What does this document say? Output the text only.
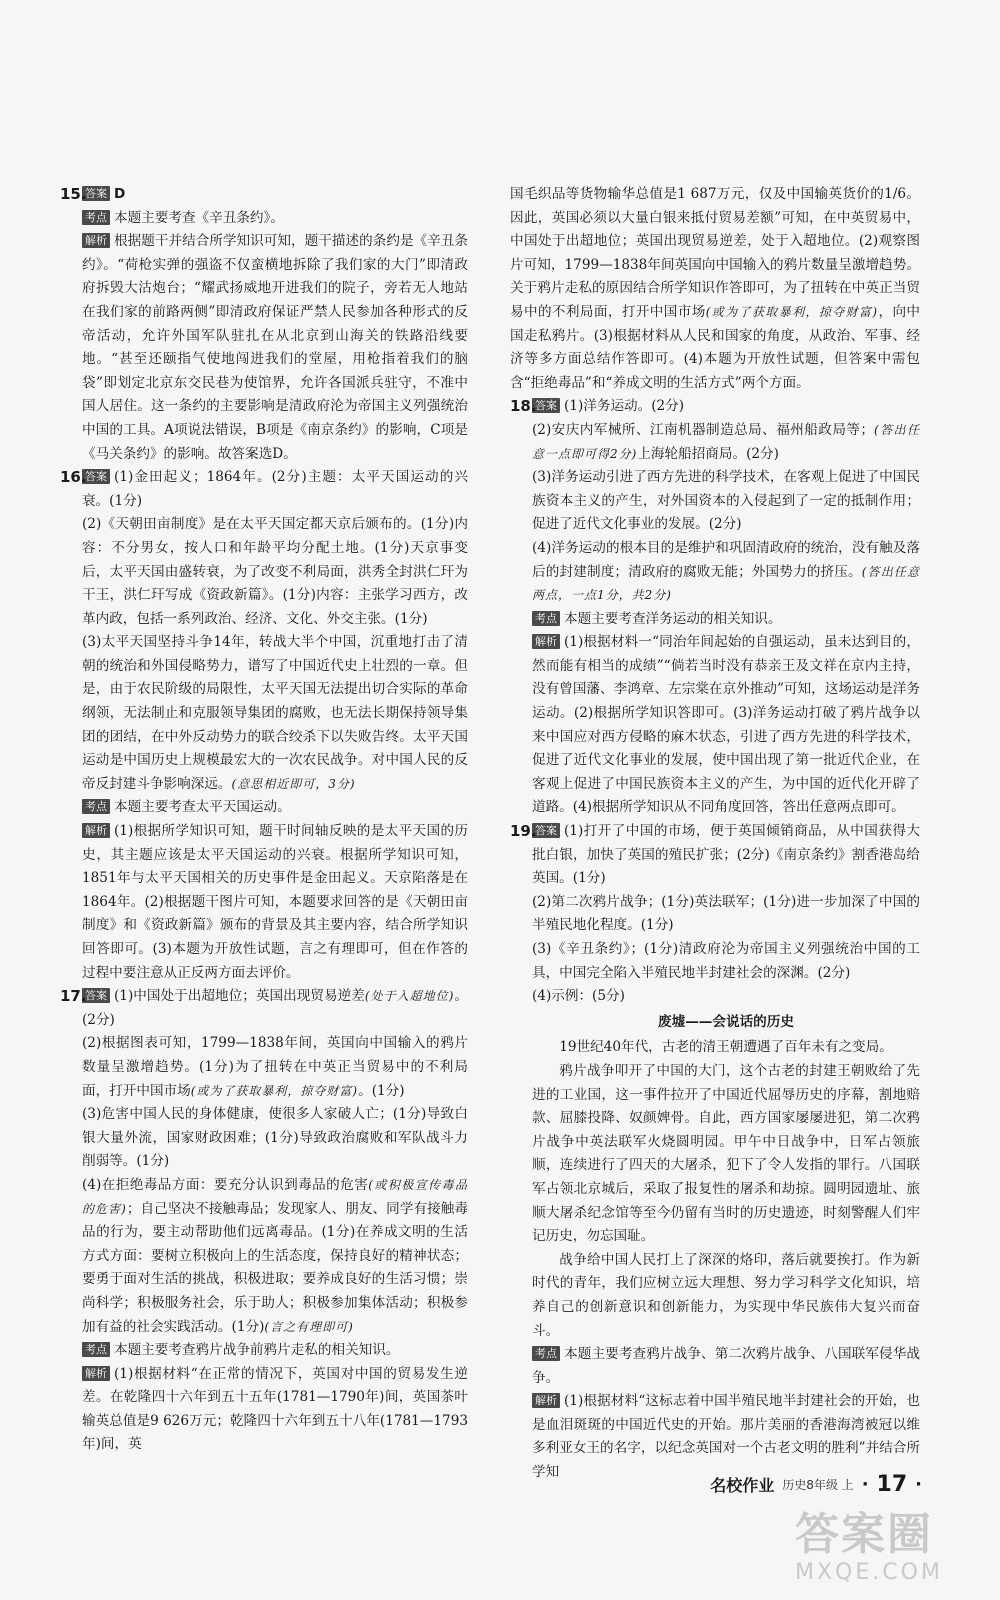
15.
答案 D
考点 本题主要考查《辛丑条约》。
解析 根据题干并结合所学知识可知，题干描述的条约是《辛丑条约》。“荷枪实弹的强盗不仅蛮横地拆除了我们家的大门”即清政府拆毁大沽炮台；“耀武扬威地开进我们的院子，旁若无人地站在我们家的前路两侧”即清政府保证严禁人民参加各种形式的反帝活动，允许外国军队驻扎在从北京到山海关的铁路沿线要地。“甚至还颐指气使地闯进我们的堂屋，用枪指着我们的脑袋”即划定北京东交民巷为使馆界，允许各国派兵驻守，不准中国人居住。这一条约的主要影响是清政府沦为帝国主义列强统治中国的工具。A项说法错误，B项是《南京条约》的影响，C项是《马关条约》的影响。故答案选D。
16.
答案 (1)金田起义；1864年。(2分)主题：太平天国运动的兴衰。(1分)
(2)《天朝田亩制度》是在太平天国定都天京后颁布的。(1分)内容：不分男女，按人口和年龄平均分配土地。(1分)天京事变后，太平天国由盛转衰，为了改变不利局面，洪秀全封洪仁玕为干王，洪仁玕写成《资政新篇》。(1分)内容：主张学习西方，改革内政，包括一系列政治、经济、文化、外交主张。(1分)
(3)太平天国坚持斗争14年，转战大半个中国，沉重地打击了清朝的统治和外国侵略势力，谱写了中国近代史上壮烈的一章。但是，由于农民阶级的局限性，太平天国无法提出切合实际的革命纲领，无法制止和克服领导集团的腐败，也无法长期保持领导集团的团结，在中外反动势力的联合绞杀下以失败告终。太平天国运动是中国历史上规模最宏大的一次农民战争。对中国人民的反帝反封建斗争影响深远。(意思相近即可，3分)
考点 本题主要考查太平天国运动。
解析 (1)根据所学知识可知，题干时间轴反映的是太平天国的历史，其主题应该是太平天国运动的兴衰。根据所学知识可知，1851年与太平天国相关的历史事件是金田起义。天京陷落是在1864年。(2)根据题干图片可知，本题要求回答的是《天朝田亩制度》和《资政新篇》颁布的背景及其主要内容，结合所学知识回答即可。(3)本题为开放性试题，言之有理即可，但在作答的过程中要注意从正反两方面去评价。
17.
答案 (1)中国处于出超地位；英国出现贸易逆差(处于入超地位)。(2分)
(2)根据图表可知，1799—1838年间，英国向中国输入的鸦片数量呈激增趋势。(1分)为了扭转在中英正当贸易中的不利局面，打开中国市场(或为了获取暴利，掠夺财富)。(1分)
(3)危害中国人民的身体健康，使很多人家破人亡；(1分)导致白银大量外流，国家财政困难；(1分)导致政治腐败和军队战斗力削弱等。(1分)
(4)在拒绝毒品方面：要充分认识到毒品的危害(或积极宣传毒品的危害)；自己坚决不接触毒品；发现家人、朋友、同学有接触毒品的行为，要主动帮助他们远离毒品。(1分)在养成文明的生活方式方面：要树立积极向上的生活态度，保持良好的精神状态；要勇于面对生活的挑战，积极进取；要养成良好的生活习惯；崇尚科学；积极服务社会，乐于助人；积极参加集体活动；积极参加有益的社会实践活动。(1分)(言之有理即可)
考点 本题主要考查鸦片战争前鸦片走私的相关知识。
解析 (1)根据材料“在正常的情况下，英国对中国的贸易发生逆差。在乾隆四十六年到五十五年(1781—1790年)间，英国茶叶输英总值是9 626万元；乾隆四十六年到五十八年(1781—1793年)间，英
国毛织品等货物输华总值是1 687万元，仅及中国输英货价的1/6。因此，英国必须以大量白银来抵付贸易差额”可知，在中英贸易中，中国处于出超地位；英国出现贸易逆差，处于入超地位。(2)观察图片可知，1799—1838年间英国向中国输入的鸦片数量呈激增趋势。关于鸦片走私的原因结合所学知识作答即可，为了扭转在中英正当贸易中的不利局面，打开中国市场(或为了获取暴利，掠夺财富)，向中国走私鸦片。(3)根据材料从人民和国家的角度，从政治、军事、经济等多方面总结作答即可。(4)本题为开放性试题，但答案中需包含“拒绝毒品”和“养成文明的生活方式”两个方面。
18.
答案 (1)洋务运动。(2分)
(2)安庆内军械所、江南机器制造总局、福州船政局等；(答出任意一点即可得2分)上海轮船招商局。(2分)
(3)洋务运动引进了西方先进的科学技术，在客观上促进了中国民族资本主义的产生，对外国资本的入侵起到了一定的抵制作用；促进了近代文化事业的发展。(2分)
(4)洋务运动的根本目的是维护和巩固清政府的统治，没有触及落后的封建制度；清政府的腐败无能；外国势力的挤压。(答出任意两点，一点1分，共2分)
考点 本题主要考查洋务运动的相关知识。
解析 (1)根据材料一“同治年间起始的自强运动，虽未达到目的，然而能有相当的成绩”“倘若当时没有恭亲王及文祥在京内主持，没有曾国藩、李鸿章、左宗棠在京外推动”可知，这场运动是洋务运动。(2)根据所学知识答即可。(3)洋务运动打破了鸦片战争以来中国应对西方侵略的麻木状态，引进了西方先进的科学技术，促进了近代文化事业的发展，使中国出现了第一批近代企业，在客观上促进了中国民族资本主义的产生，为中国的近代化开辟了道路。(4)根据所学知识从不同角度回答，答出任意两点即可。
19.
答案 (1)打开了中国的市场，便于英国倾销商品，从中国获得大批白银，加快了英国的殖民扩张；(2分)《南京条约》割香港岛给英国。(1分)
(2)第二次鸦片战争；(1分)英法联军；(1分)进一步加深了中国的半殖民地化程度。(1分)
(3)《辛丑条约》；(1分)清政府沦为帝国主义列强统治中国的工具，中国完全陷入半殖民地半封建社会的深渊。(2分)
(4)示例：(5分)
废墟——会说话的历史
19世纪40年代，古老的清王朝遭遇了百年未有之变局。
鸦片战争叩开了中国的大门，这个古老的封建王朝败给了先进的工业国，这一事件拉开了中国近代屈辱历史的序幕，割地赔款、屈膝投降、奴颜婢骨。自此，西方国家屡屡进犯，第二次鸦片战争中英法联军火烧圆明园。甲午中日战争中，日军占领旅顺，连续进行了四天的大屠杀，犯下了令人发指的罪行。八国联军占领北京城后，采取了报复性的屠杀和劫掠。圆明园遗址、旅顺大屠杀纪念馆等至今仍留有当时的历史遗迹，时刻警醒人们牢记历史，勿忘国耻。
战争给中国人民打上了深深的烙印，落后就要挨打。作为新时代的青年，我们应树立远大理想、努力学习科学文化知识，培养自己的创新意识和创新能力，为实现中华民族伟大复兴而奋斗。
考点 本题主要考查鸦片战争、第二次鸦片战争、八国联军侵华战争。
解析 (1)根据材料“这标志着中国半殖民地半封建社会的开始，也是血泪斑斑的中国近代史的开始。那片美丽的香港海湾被冠以维多利亚女王的名字，以纪念英国对一个古老文明的胜利”并结合所学知
名校作业 历史8年级 上 · 17 ·
答案圈
MXQE.COM
